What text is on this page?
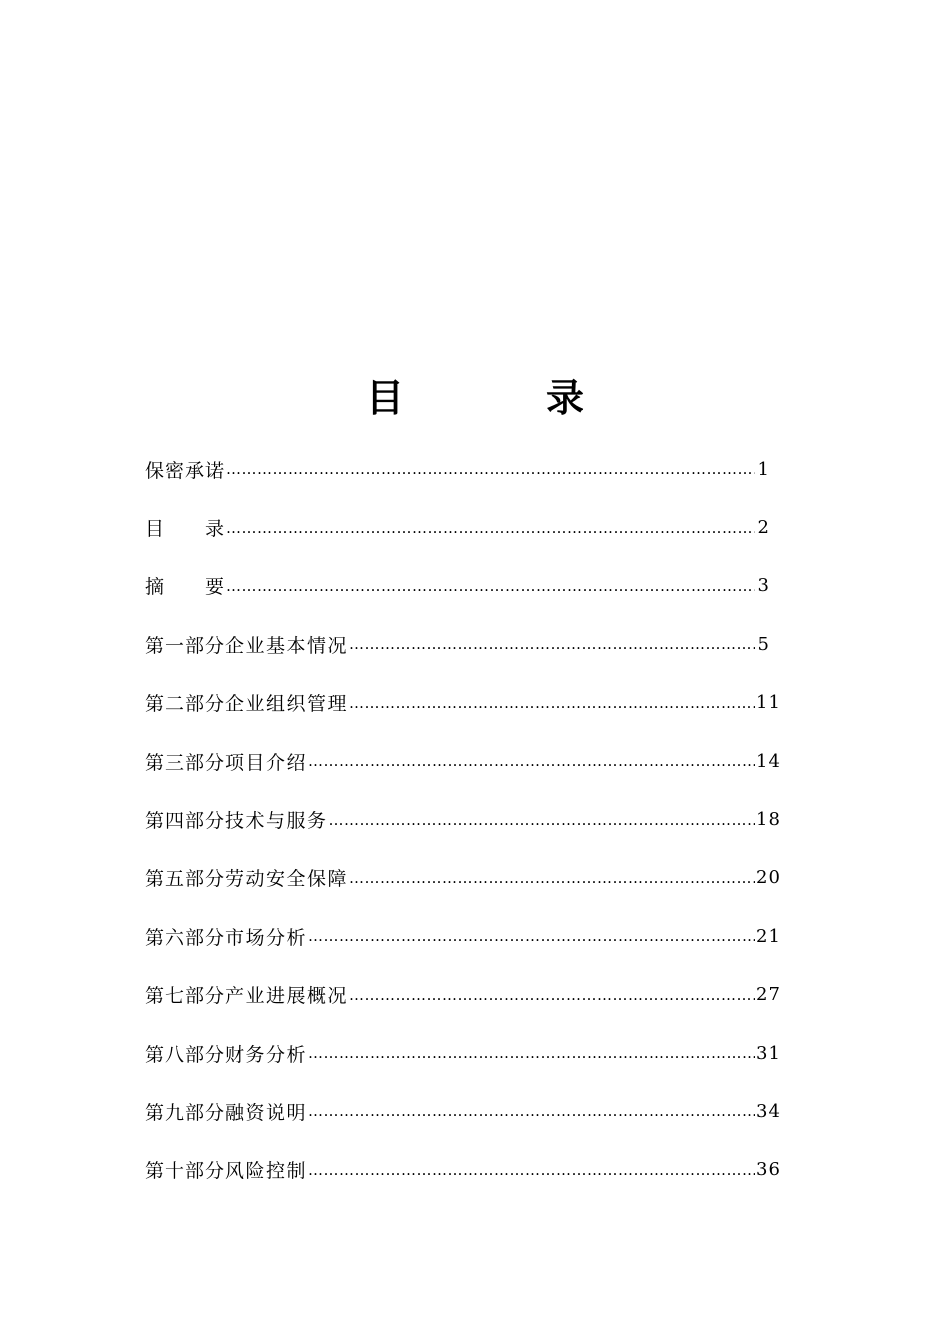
目　录
保密承诺 ………………………………………………………………………………………………………………………………………………	1
目　　录 ………………………………………………………………………………………………………………………………………………	2
摘　　要 ………………………………………………………………………………………………………………………………………………	3
第一部分 企业基本情况 ………………………………………………………………………………………………………………………………………………	5
第二部分 企业组织管理 ………………………………………………………………………………………………………………………………………………	11
第三部分 项目介绍 ………………………………………………………………………………………………………………………………………………	14
第四部分 技术与服务 ………………………………………………………………………………………………………………………………………………	18
第五部分 劳动安全保障 ………………………………………………………………………………………………………………………………………………	20
第六部分 市场分析 ………………………………………………………………………………………………………………………………………………	21
第七部分 产业进展概况 ………………………………………………………………………………………………………………………………………………	27
第八部分 财务分析 ………………………………………………………………………………………………………………………………………………	31
第九部分 融资说明 ………………………………………………………………………………………………………………………………………………	34
第十部分 风险控制 ………………………………………………………………………………………………………………………………………………	36
